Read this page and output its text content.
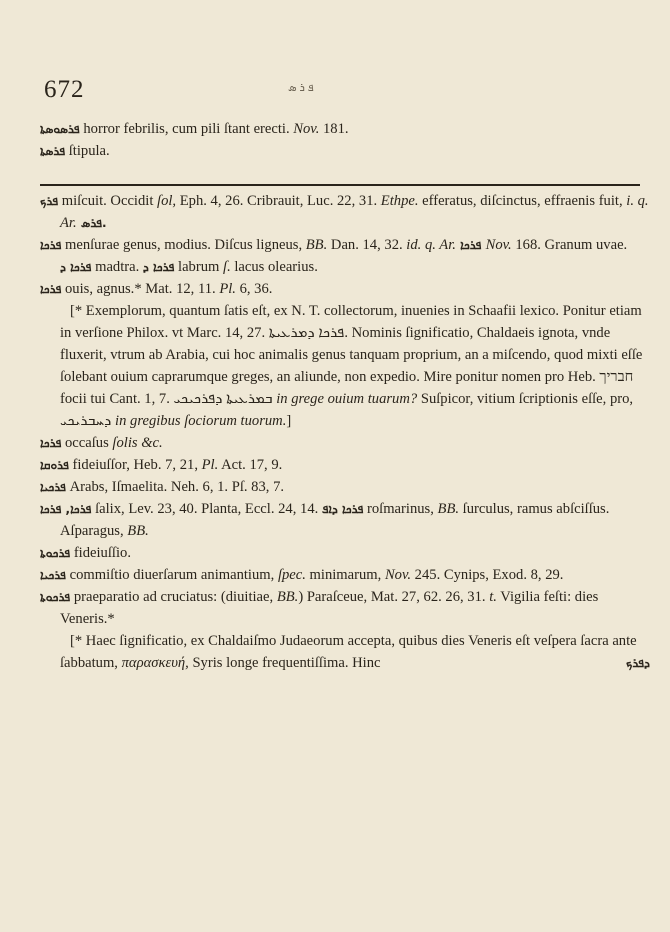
672	ܦ ܪ ܣ

ܦܪܣܘܣܬܐ horror febrilis, cum pili ſtant erecti. Nov. 181.

ܦܪܣܬܐ ſtipula.

ܦܪܟ miſcuit. Occidit ſol, Eph. 4, 26. Cribrauit, Luc. 22, 31. Ethpe. efferatus, diſcinctus, effraenis fuit, i. q. Ar. ܦܪܣ.

ܦܪܟܐ menſurae genus, modius. Diſcus ligneus, BB. Dan. 14, 32. id. q. Ar. ܦܪܟܐ Nov. 168. Granum uvae. ܦܪܟܐ ܕ madtra. ܦܪܟܐ ܕ labrum ſ. lacus olearius.

ܦܪܟܐ ouis, agnus.* Mat. 12, 11. Pl. 6, 36.

[* Exemplorum, quantum ſatis eſt, ex N. T. collectorum, inuenies in Schaafii lexico. Ponitur etiam in verſione Philox. vt Marc. 14, 27. ܦܪܟܐ ܕܡܪܥܝܬܐ. Nominis ſignificatio, Chaldaeis ignota, vnde fluxerit, vtrum ab Arabia, cui hoc animalis genus tanquam proprium, an a miſcendo, quod mixti eſſe ſolebant ouium caprarumque greges, an aliunde, non expedio. Mire ponitur nomen pro Heb. חבריך focii tui Cant. 1, 7. ܒܡܪܥܝܬܐ ܕܦܪܟܝܟܝ in grege ouium tuarum? Suſpicor, vitium ſcriptionis eſſe, pro, ܕܚܒܪܝܟܝ in gregibus ſociorum tuorum.]

ܦܪܟܐ occaſus ſolis &c.

ܦܪܘܩܐ fideiuſſor, Heb. 7, 21, Pl. Act. 17, 9.

ܦܪܟܝܐ Arabs, Iſmaelita. Neh. 6, 1. Pſ. 83, 7.

ܦܪܟܐ, ܦܪܟܐ ſalix, Lev. 23, 40. Planta, Eccl. 24, 14. ܦܪܟܐ ܕܐܦ roſmarinus, BB. ſurculus, ramus abſciſſus. Aſparagus, BB.

ܦܪܟܘܬܐ fideiuſſio.

ܦܪܟܝܐ commiſtio diuerſarum animantium, ſpec. minimarum, Nov. 245. Cynips, Exod. 8, 29.

ܦܪܟܘܬܐ praeparatio ad cruciatus: (diuitiae, BB.) Paraſceue, Mat. 27, 62. 26, 31. t. Vigilia feſti: dies Veneris.*

[* Haec ſignificatio, ex Chaldaiſmo Judaeorum accepta, quibus dies Veneris eſt veſpera ſacra ante ſabbatum, παρασκευή, Syris longe frequentiſſima. Hinc	ܕܦܪܟ
